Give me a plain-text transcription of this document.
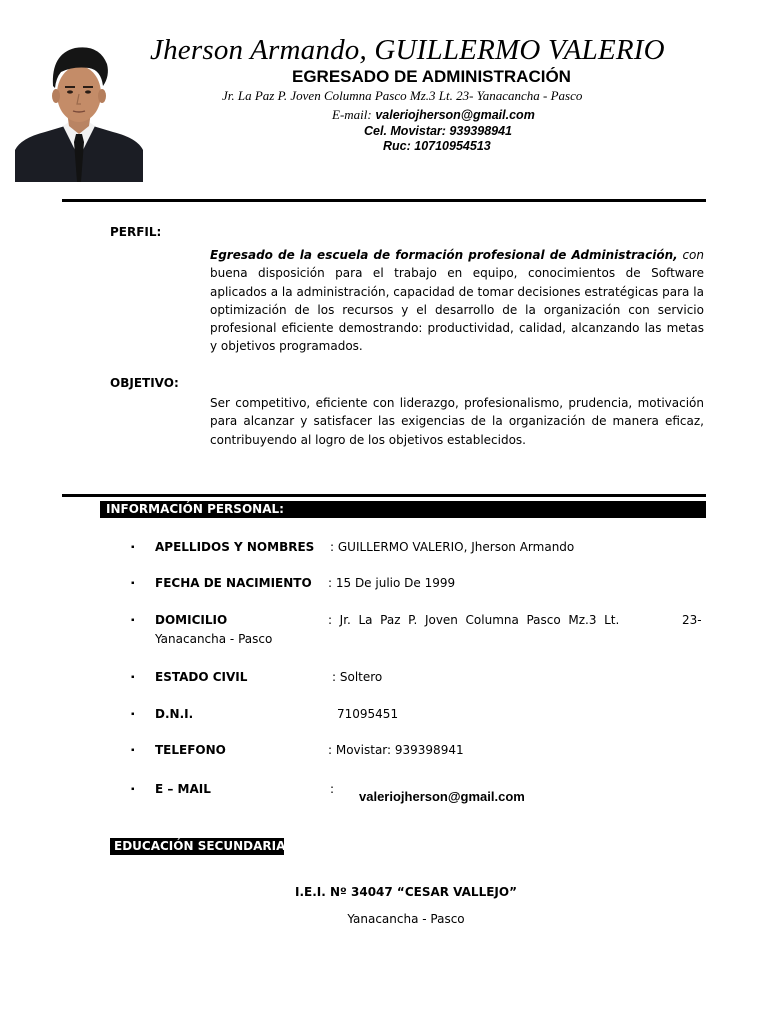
Jherson Armando, GUILLERMO VALERIO
EGRESADO DE ADMINISTRACIÓN
Jr. La Paz P. Joven Columna Pasco Mz.3 Lt. 23- Yanacancha - Pasco
E-mail: valeriojherson@gmail.com
Cel. Movistar: 939398941
Ruc: 10710954513
PERFIL:
Egresado de la escuela de formación profesional de Administración, con buena disposición para el trabajo en equipo, conocimientos de Software aplicados a la administración, capacidad de tomar decisiones estratégicas para la optimización de los recursos y el desarrollo de la organización con servicio profesional eficiente demostrando: productividad, calidad, alcanzando las metas y objetivos programados.
OBJETIVO:
Ser competitivo, eficiente con liderazgo, profesionalismo, prudencia, motivación para alcanzar y satisfacer las exigencias de la organización de manera eficaz, contribuyendo al logro de los objetivos establecidos.
INFORMACIÓN PERSONAL:
▪ APELLIDOS Y NOMBRES : GUILLERMO VALERIO, Jherson Armando
▪ FECHA DE NACIMIENTO : 15 De julio De 1999
▪ DOMICILIO	:  Jr.  La  Paz  P.  Joven  Columna  Pasco  Mz.3  Lt.	23-
Yanacancha - Pasco
▪ ESTADO CIVIL	: Soltero
▪ D.N.I.	71095451
▪ TELEFONO	: Movistar: 939398941
▪ E – MAIL	: valeriojherson@gmail.com
EDUCACIÓN SECUNDARIA:
I.E.I. Nº 34047 “CESAR VALLEJO”
Yanacancha - Pasco
